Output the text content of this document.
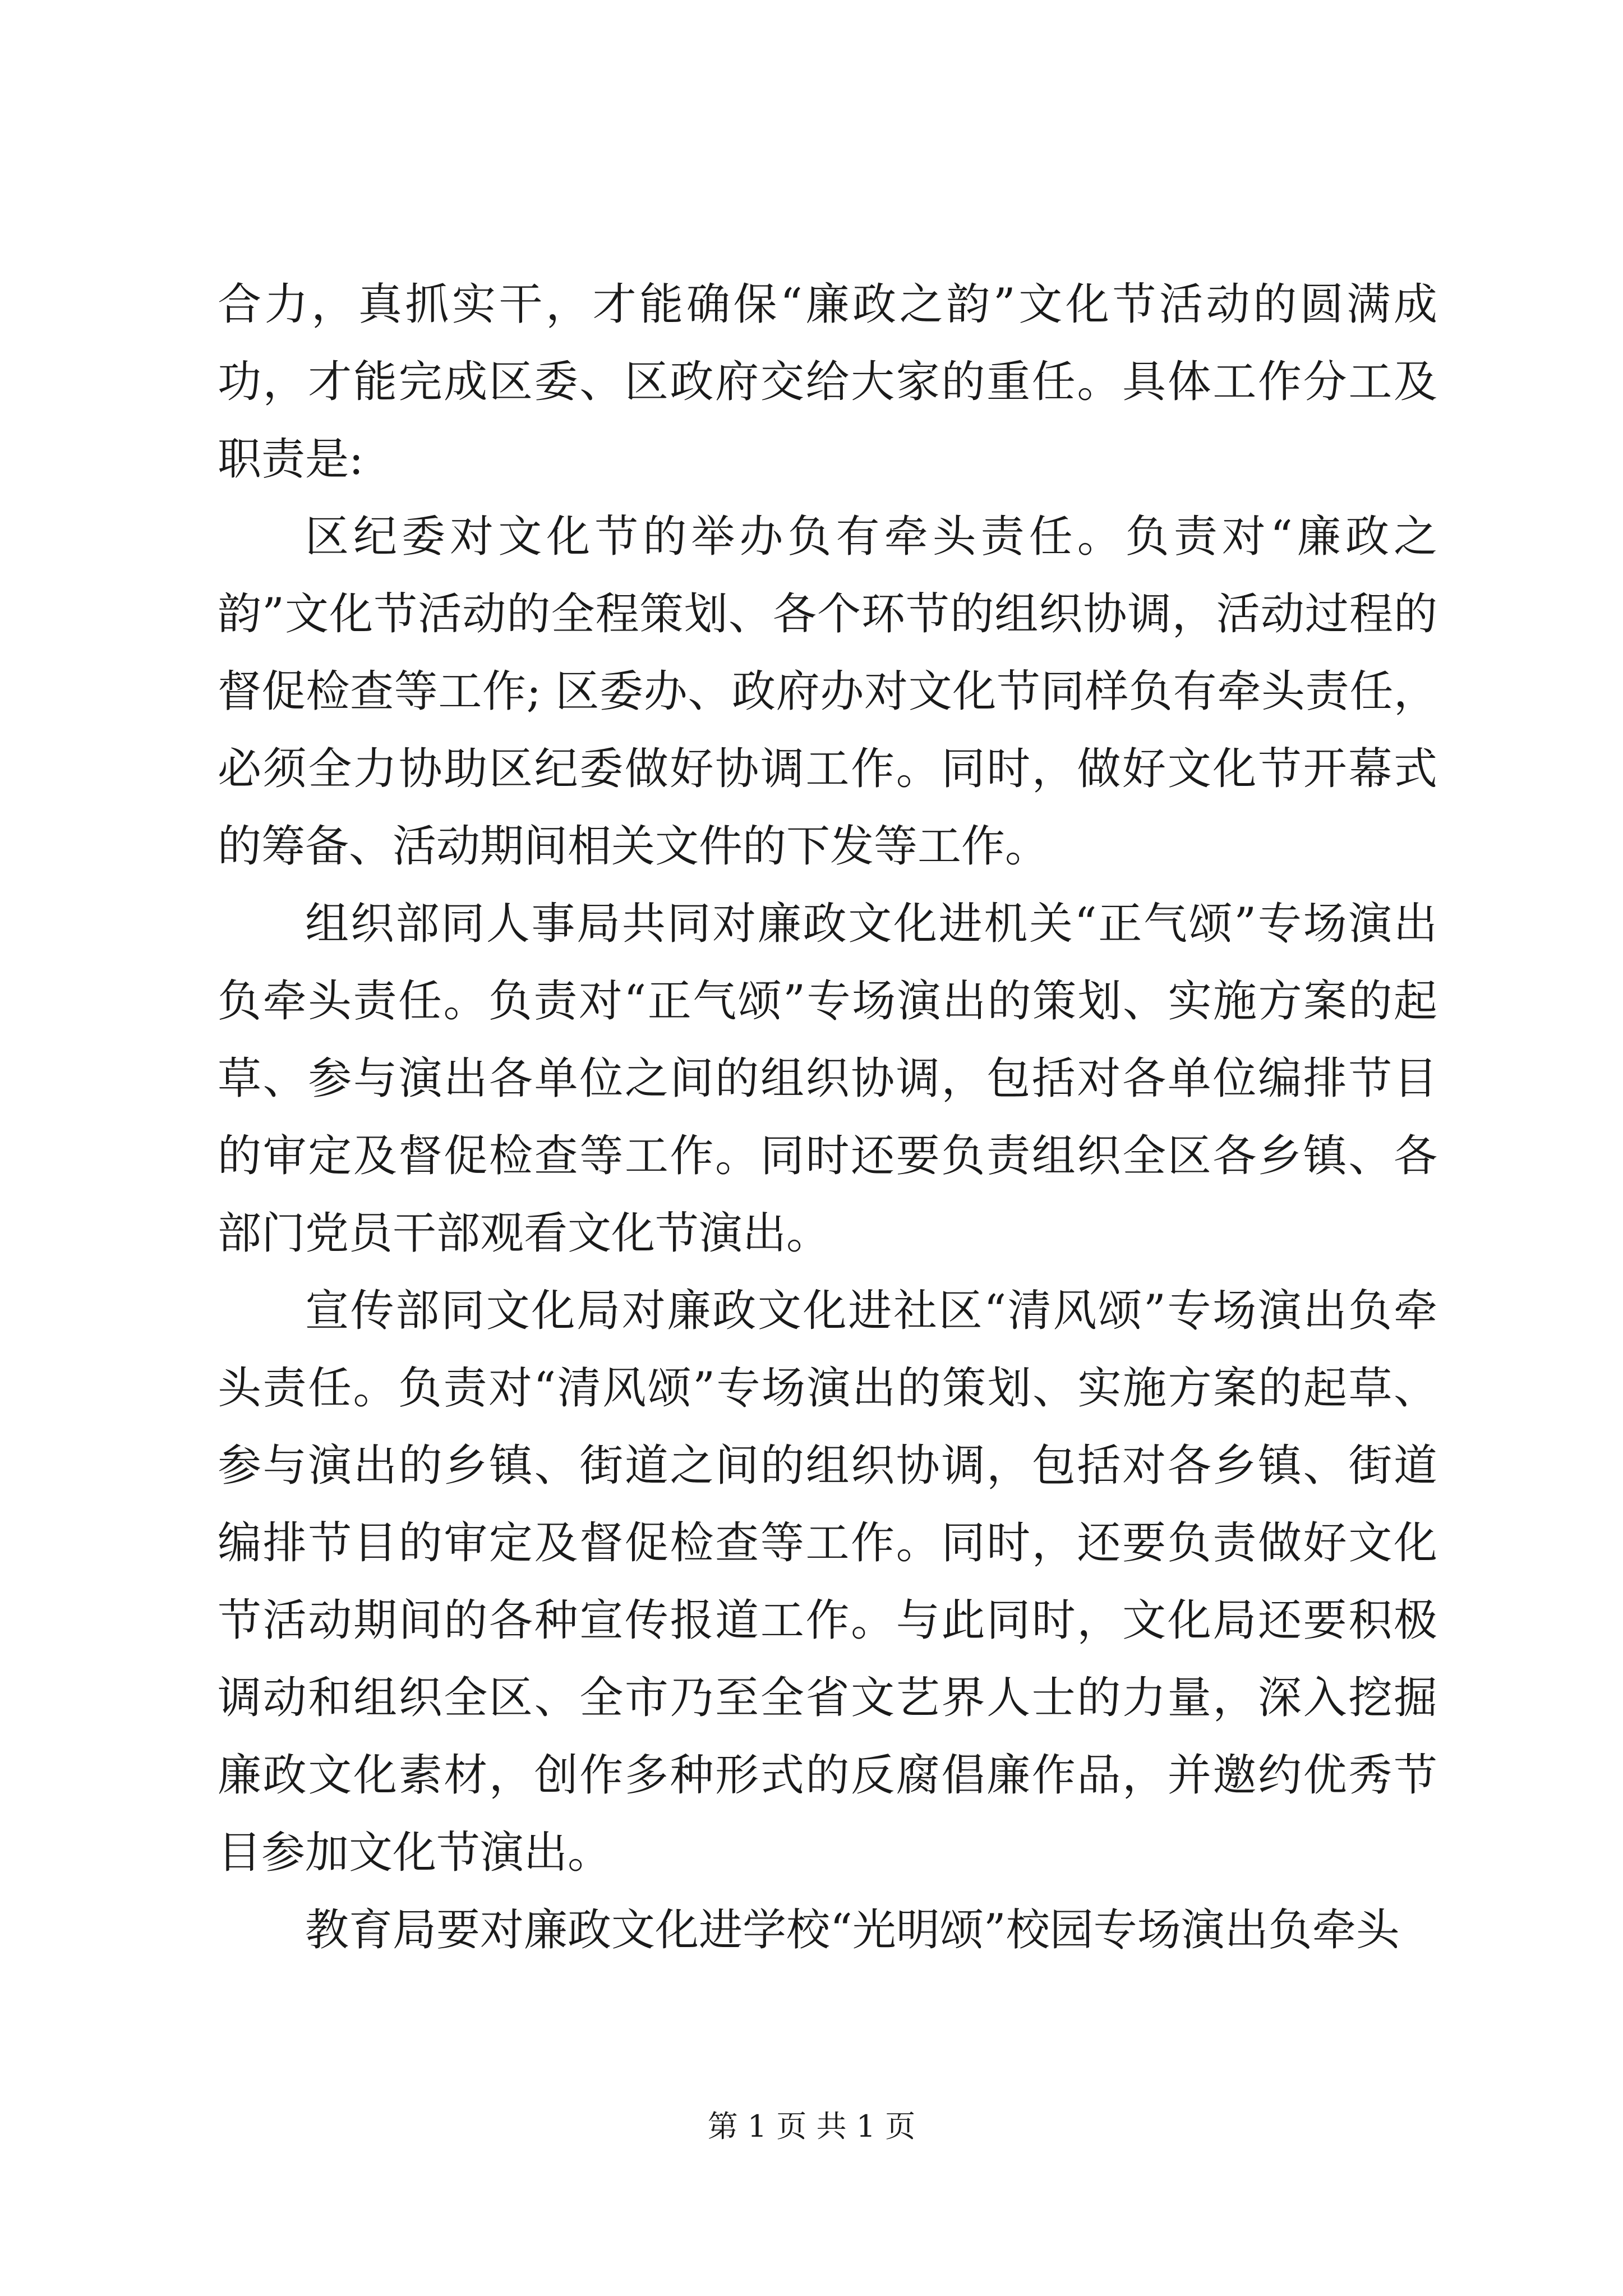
合力，真抓实干，才能确保“廉政之韵”文化节活动的圆满成功，才能完成区委、区政府交给大家的重任。具体工作分工及职责是:

区纪委对文化节的举办负有牵头责任。负责对“廉政之韵”文化节活动的全程策划、各个环节的组织协调，活动过程的督促检查等工作; 区委办、政府办对文化节同样负有牵头责任，必须全力协助区纪委做好协调工作。同时，做好文化节开幕式的筹备、活动期间相关文件的下发等工作。

组织部同人事局共同对廉政文化进机关“正气颂”专场演出负牵头责任。负责对“正气颂”专场演出的策划、实施方案的起草、参与演出各单位之间的组织协调，包括对各单位编排节目的审定及督促检查等工作。同时还要负责组织全区各乡镇、各部门党员干部观看文化节演出。

宣传部同文化局对廉政文化进社区“清风颂”专场演出负牵头责任。负责对“清风颂”专场演出的策划、实施方案的起草、参与演出的乡镇、街道之间的组织协调，包括对各乡镇、街道编排节目的审定及督促检查等工作。同时，还要负责做好文化节活动期间的各种宣传报道工作。与此同时，文化局还要积极调动和组织全区、全市乃至全省文艺界人士的力量，深入挖掘廉政文化素材，创作多种形式的反腐倡廉作品，并邀约优秀节目参加文化节演出。

教育局要对廉政文化进学校“光明颂”校园专场演出负牵头

第 1 页 共 1 页
